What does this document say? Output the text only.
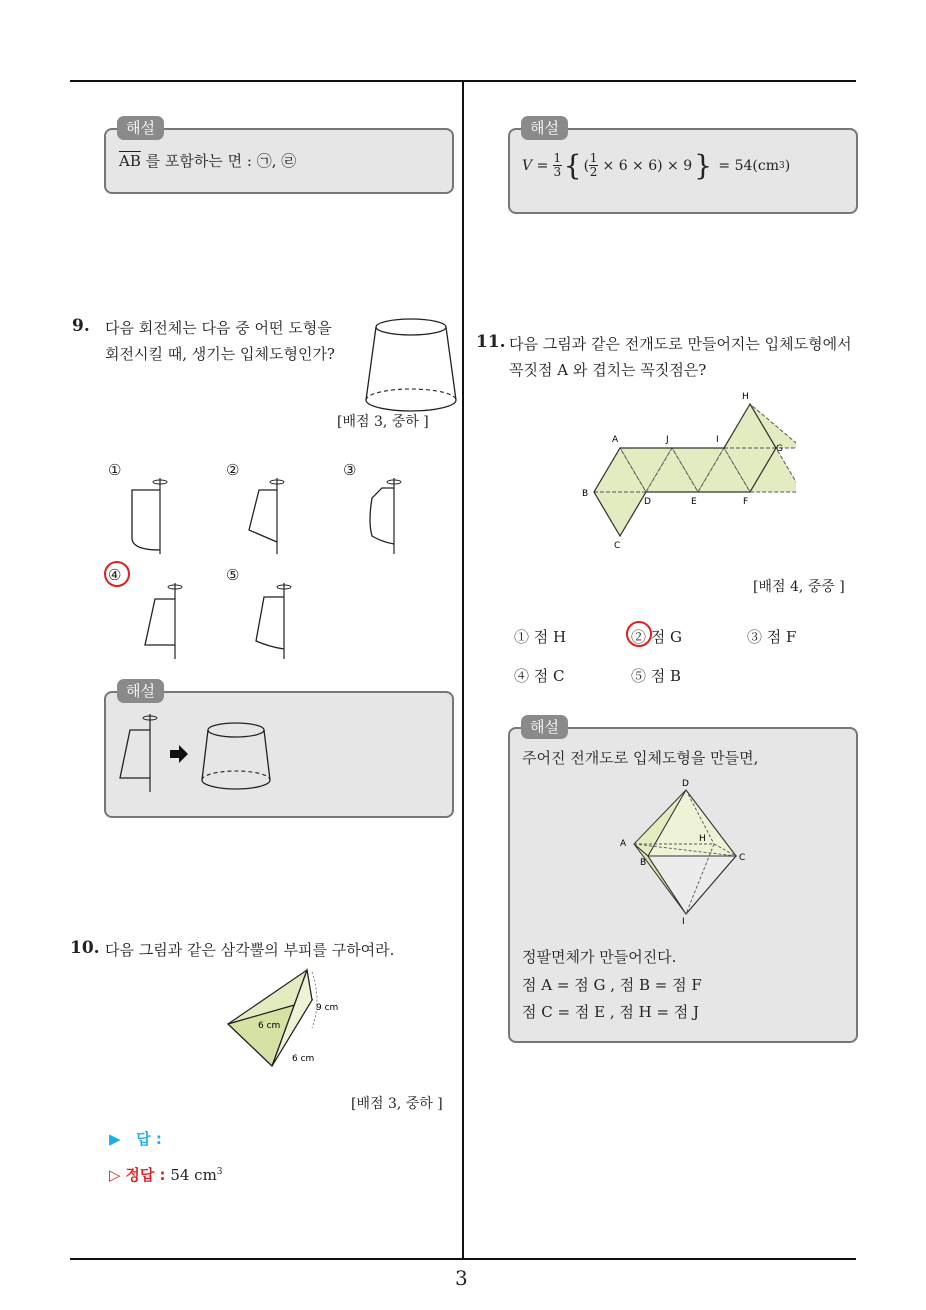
3
해설
$\overline{AB}$ 를 포함하는 면 : ㉠, ㉣
9. 다음 회전체는 다음 중 어떤 도형을
회전시킬 때, 생기는 입체도형인가?
[배점 3, 중하 ]
①	②	③
④	⑤
해설
10. 다음 그림과 같은 삼각뿔의 부피를 구하여라.
6 cm
9 cm
6 cm
[배점 3, 중하 ]
▶ 답 :
▷ 정답 : 54 $cm^3$
해설
V = 1
3 { ( 1
2 × 6 × 6) × 9 } = 54(cm 3 )
11. 다음 그림과 같은 전개도로 만들어지는 입체도형에서
꼭짓점 A 와 겹치는 꼭짓점은?
A	J	I
H
G
B
D	E	F
C
[배점 4, 중중 ]
① 점 H	② 점 G	③ 점 F
④ 점 C	⑤ 점 B
해설
주어진 전개도로 입체도형을 만들면,
D
A	H
B	C
I
정팔면체가 만들어진다.
점 A = 점 G , 점 B = 점 F
점 C = 점 E , 점 H = 점 J
